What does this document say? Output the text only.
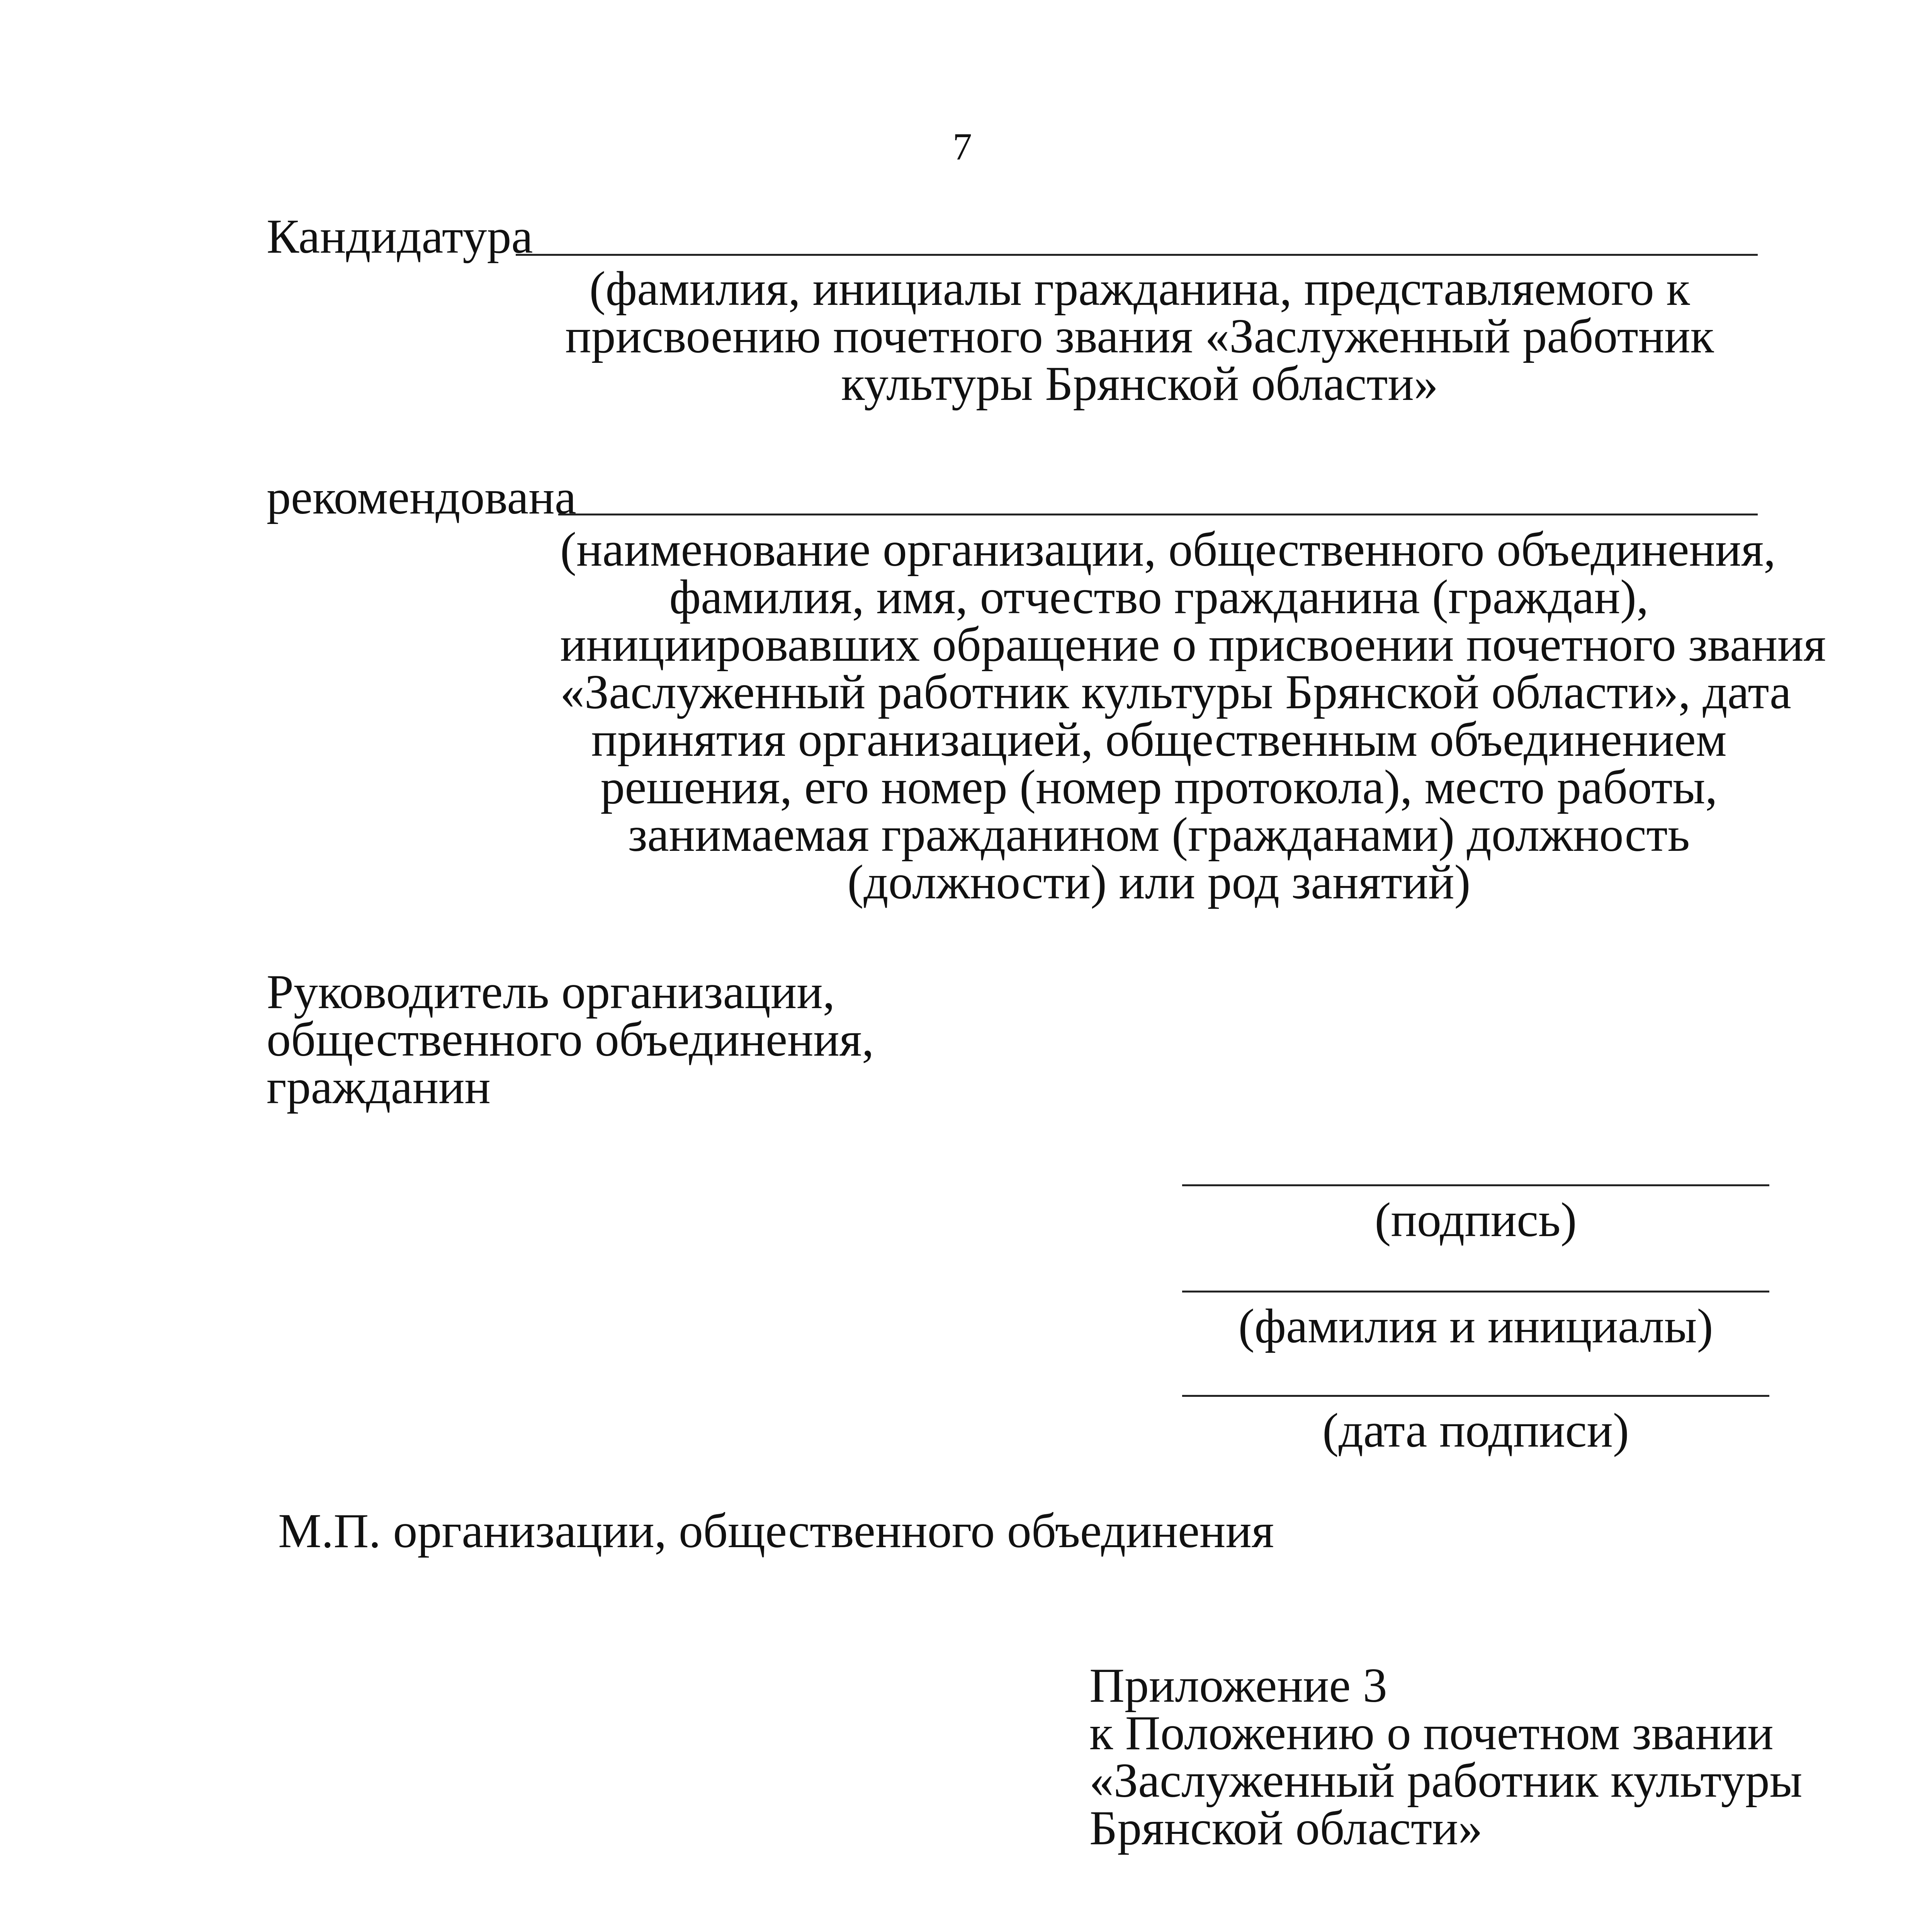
7
Кандидатура
(фамилия, инициалы гражданина, представляемого к
присвоению почетного звания «Заслуженный работник
культуры Брянской области»
рекомендована
(наименование организации, общественного объединения,
фамилия, имя, отчество гражданина (граждан),
инициировавших обращение о присвоении почетного звания
«Заслуженный работник культуры Брянской области», дата
принятия организацией, общественным объединением
решения, его номер (номер протокола), место работы,
занимаемая гражданином (гражданами) должность
(должности) или род занятий)
Руководитель организации,
общественного объединения,
гражданин
(подпись)
(фамилия и инициалы)
(дата подписи)
М.П. организации, общественного объединения
Приложение 3
к Положению о почетном звании
«Заслуженный работник культуры
Брянской области»
